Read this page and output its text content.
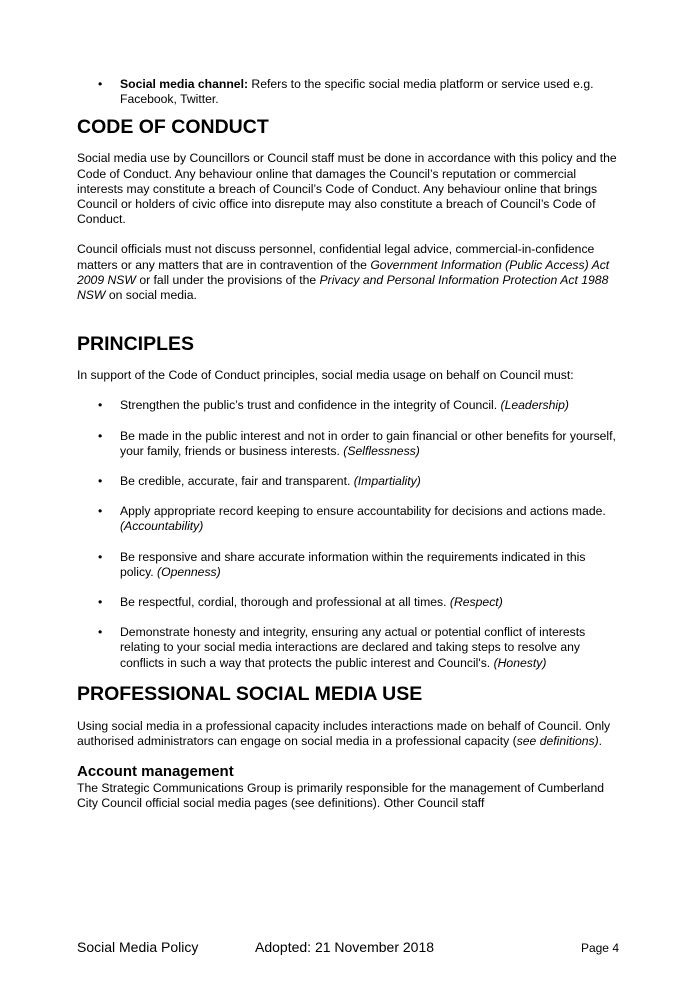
•	Social media channel: Refers to the specific social media platform or service used e.g. Facebook, Twitter.
CODE OF CONDUCT

Social media use by Councillors or Council staff must be done in accordance with this policy and the Code of Conduct. Any behaviour online that damages the Council’s reputation or commercial interests may constitute a breach of Council’s Code of Conduct. Any behaviour online that brings Council or holders of civic office into disrepute may also constitute a breach of Council’s Code of Conduct.

Council officials must not discuss personnel, confidential legal advice, commercial-in-confidence matters or any matters that are in contravention of the Government Information (Public Access) Act 2009 NSW or fall under the provisions of the Privacy and Personal Information Protection Act 1988 NSW on social media.

PRINCIPLES

In support of the Code of Conduct principles, social media usage on behalf on Council must:

•	Strengthen the public’s trust and confidence in the integrity of Council. (Leadership)
•	Be made in the public interest and not in order to gain financial or other benefits for yourself, your family, friends or business interests. (Selflessness)
•	Be credible, accurate, fair and transparent. (Impartiality)
•	Apply appropriate record keeping to ensure accountability for decisions and actions made. (Accountability)
•	Be responsive and share accurate information within the requirements indicated in this policy. (Openness)
•	Be respectful, cordial, thorough and professional at all times. (Respect)
•	Demonstrate honesty and integrity, ensuring any actual or potential conflict of interests relating to your social media interactions are declared and taking steps to resolve any conflicts in such a way that protects the public interest and Council's. (Honesty)
PROFESSIONAL SOCIAL MEDIA USE

Using social media in a professional capacity includes interactions made on behalf of Council. Only authorised administrators can engage on social media in a professional capacity (see definitions).

Account management

The Strategic Communications Group is primarily responsible for the management of Cumberland City Council official social media pages (see definitions). Other Council staff

Social Media Policy	Adopted: 21 November 2018	Page 4
